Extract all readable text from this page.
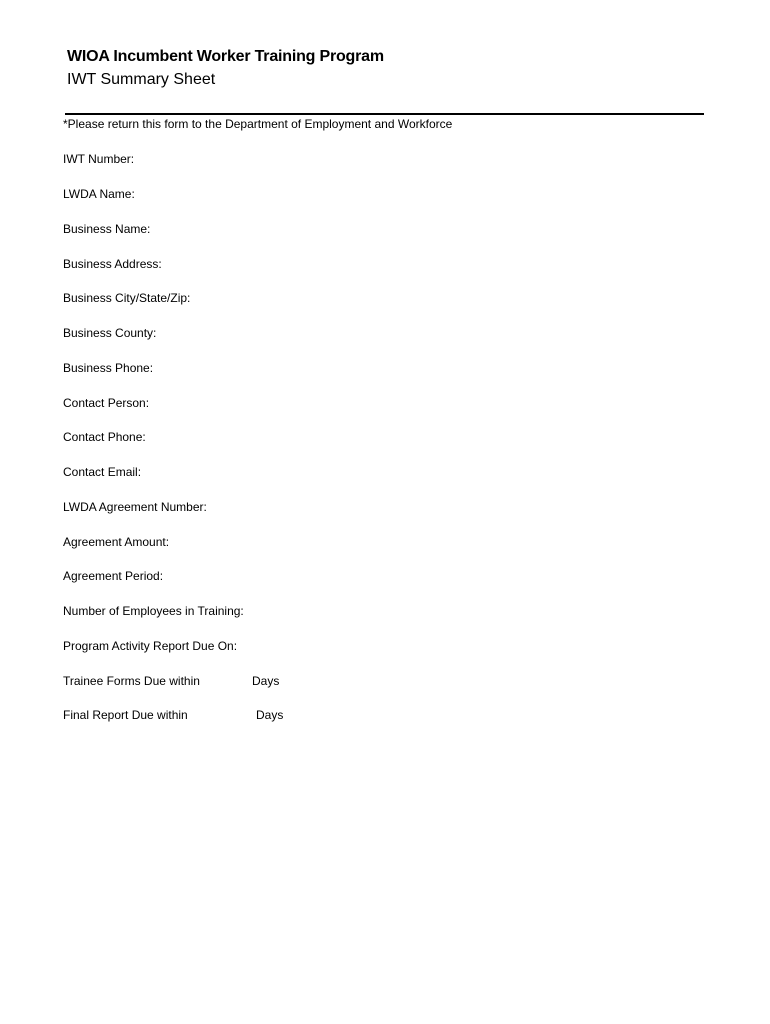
WIOA Incumbent Worker Training Program
IWT Summary Sheet
*Please return this form to the Department of Employment and Workforce
IWT Number:
LWDA Name:
Business Name:
Business Address:
Business City/State/Zip:
Business County:
Business Phone:
Contact Person:
Contact Phone:
Contact Email:
LWDA Agreement Number:
Agreement Amount:
Agreement Period:
Number of Employees in Training:
Program Activity Report Due On:
Trainee Forms Due within	Days
Final Report Due within	Days
